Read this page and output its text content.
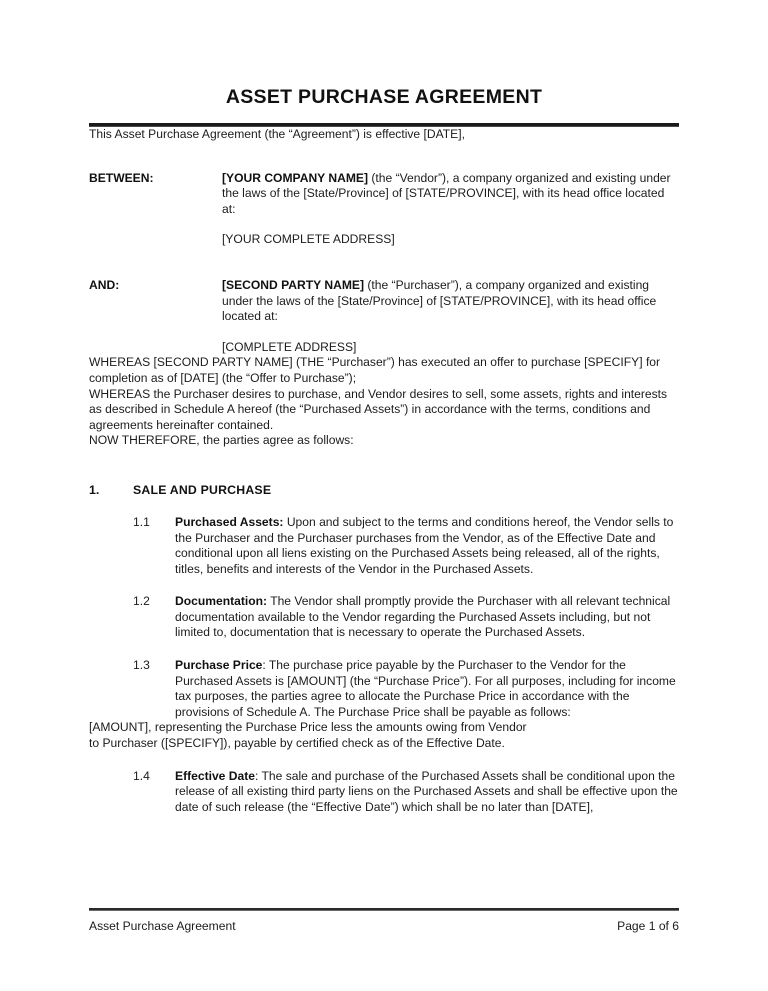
ASSET PURCHASE AGREEMENT

This Asset Purchase Agreement (the “Agreement”) is effective [DATE],

BETWEEN:	[YOUR COMPANY NAME] (the “Vendor”), a company organized and existing under the laws of the [State/Province] of [STATE/PROVINCE], with its head office located at:

[YOUR COMPLETE ADDRESS]

AND:	[SECOND PARTY NAME] (the “Purchaser”), a company organized and existing under the laws of the [State/Province] of [STATE/PROVINCE], with its head office located at:

[COMPLETE ADDRESS]

WHEREAS [SECOND PARTY NAME] (THE “Purchaser”) has executed an offer to purchase [SPECIFY] for completion as of [DATE] (the “Offer to Purchase”);

WHEREAS the Purchaser desires to purchase, and Vendor desires to sell, some assets, rights and interests as described in Schedule A hereof (the “Purchased Assets”) in accordance with the terms, conditions and agreements hereinafter contained.

NOW THEREFORE, the parties agree as follows:

1.	SALE AND PURCHASE
1.1	Purchased Assets: Upon and subject to the terms and conditions hereof, the Vendor sells to the Purchaser and the Purchaser purchases from the Vendor, as of the Effective Date and conditional upon all liens existing on the Purchased Assets being released, all of the rights, titles, benefits and interests of the Vendor in the Purchased Assets.

1.2	Documentation: The Vendor shall promptly provide the Purchaser with all relevant technical documentation available to the Vendor regarding the Purchased Assets including, but not limited to, documentation that is necessary to operate the Purchased Assets.

1.3	Purchase Price: The purchase price payable by the Purchaser to the Vendor for the Purchased Assets is [AMOUNT] (the “Purchase Price”). For all purposes, including for income tax purposes, the parties agree to allocate the Purchase Price in accordance with the provisions of Schedule A. The Purchase Price shall be payable as follows:

[AMOUNT], representing the Purchase Price less the amounts owing from Vendor to Purchaser ([SPECIFY]), payable by certified check as of the Effective Date.

1.4	Effective Date: The sale and purchase of the Purchased Assets shall be conditional upon the release of all existing third party liens on the Purchased Assets and shall be effective upon the date of such release (the “Effective Date”) which shall be no later than [DATE],

Asset Purchase Agreement	Page 1 of 6
